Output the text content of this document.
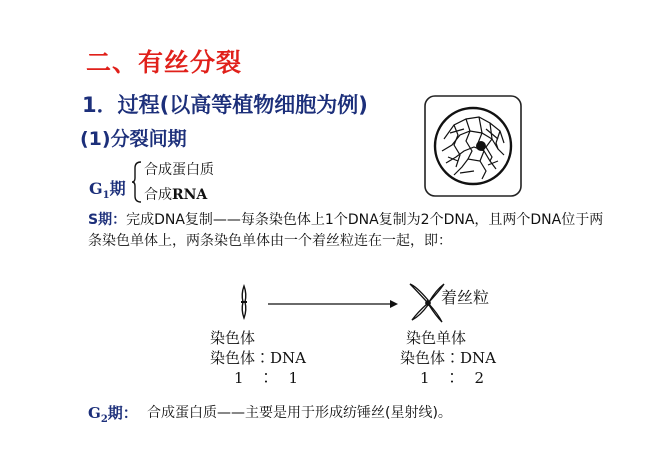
二、有丝分裂
1．过程(以高等植物细胞为例)
(1)分裂间期
$G_1$期
合成蛋白质
合成RNA
S期：完成DNA复制——每条染色体上1个DNA复制为2个DNA，且两个DNA位于两条染色单体上，两条染色单体由一个着丝粒连在一起，即：
着丝粒
染色体
染色体∶DNA
1　∶　1
染色单体
染色体∶DNA
1　∶　2
$G_2$期： 合成蛋白质——主要是用于形成纺锤丝(星射线)。
